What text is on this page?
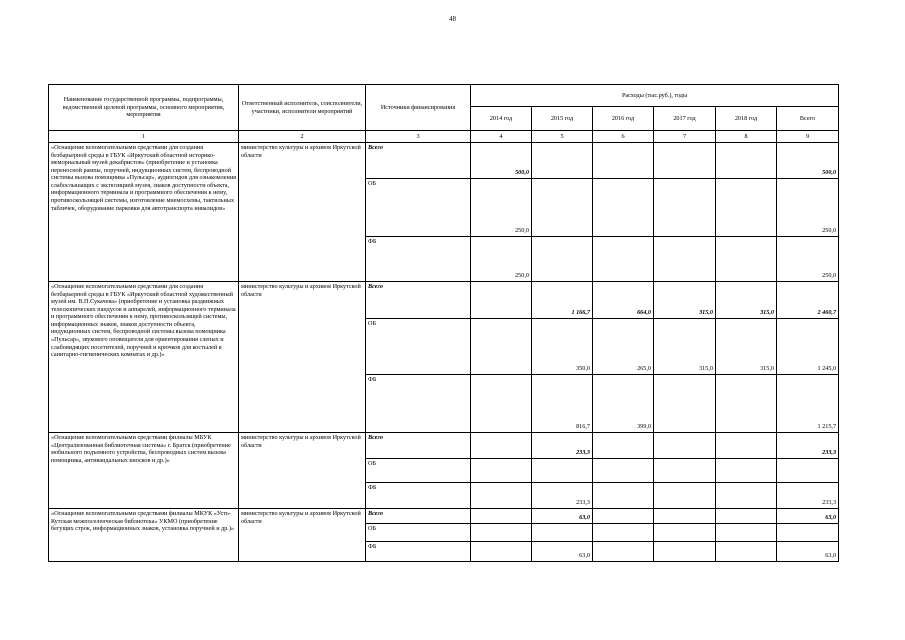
48
Наименование государственной программы, подпрограммы, ведомственной целевой программы, основного мероприятия, мероприятия	Ответственный исполнитель, соисполнители, участники, исполнители мероприятий	Источники финансирования	Расходы (тыс.руб.), годы					
			2014 год	2015 год	2016 год	2017 год	2018 год	Всего
1	2	3	4	5	6	7	8	9
«Оснащение вспомогательными средствами для создания безбарьерной среды в ГБУК «Иркутский областной историко-мемориальный музей декабристов» (приобретение и установка переносной рампы, поручней, индукционных систем, беспроводной системы вызова помощника «Пульсар», аудиогидов для ознакомления слабослышащих с экспозицией музея, знаков доступности объекта, информационного терминала и программного обеспечения к нему, противоскользящей системы, изготовление мнемосхемы, тактильных табличек, оборудование парковки для автотранспорта инвалидов»	министерство культуры и архивов Иркутской области	Всего	500,0					500,0
		ОБ	250,0					250,0
		ФБ	250,0					250,0
«Оснащение вспомогательными средствами для создания безбарьерной среды в ГБУК «Иркутский областной художественный музей им. В.П.Сукачева» (приобретение и установка раздвижных телескопических пандусов и аппарелей, информационного терминала и программного обеспечения к нему, противоскользящей системы, информационных знаков, знаков доступности объекта, индукционных систем, беспроводной системы вызова помощника «Пульсар», звукового оповещателя для ориентирования слепых и слабовидящих посетителей, поручней и крючков для костылей в санитарно-гигиенических комнатах и др.)»	министерство культуры и архивов Иркутской области	Всего		1 166,7	664,0	315,0	315,0	2 460,7
		ОБ		350,0	265,0	315,0	315,0	1 245,0
		ФБ		816,7	399,0			1 215,7
«Оснащение вспомогательными средствами филиалы МБУК «Централизованная библиотечная система» г. Братск (приобретение мобильного подъемного устройства, беспроводных систем вызова помощника, антивандальных киосков и др.)»	министерство культуры и архивов Иркутской области	Всего		233,3				233,3
		ОБ						
		ФБ		233,3				233,3
«Оснащение вспомогательными средствами филиалы МКУК «Усть-Кутская межпоселенческая библиотека» УКМО (приобретение бегущих строк, информационных знаков, установка поручней и др.)»	министерство культуры и архивов Иркутской области	Всего		63,0				63,0
		ОБ						
		ФБ		63,0				63,0
